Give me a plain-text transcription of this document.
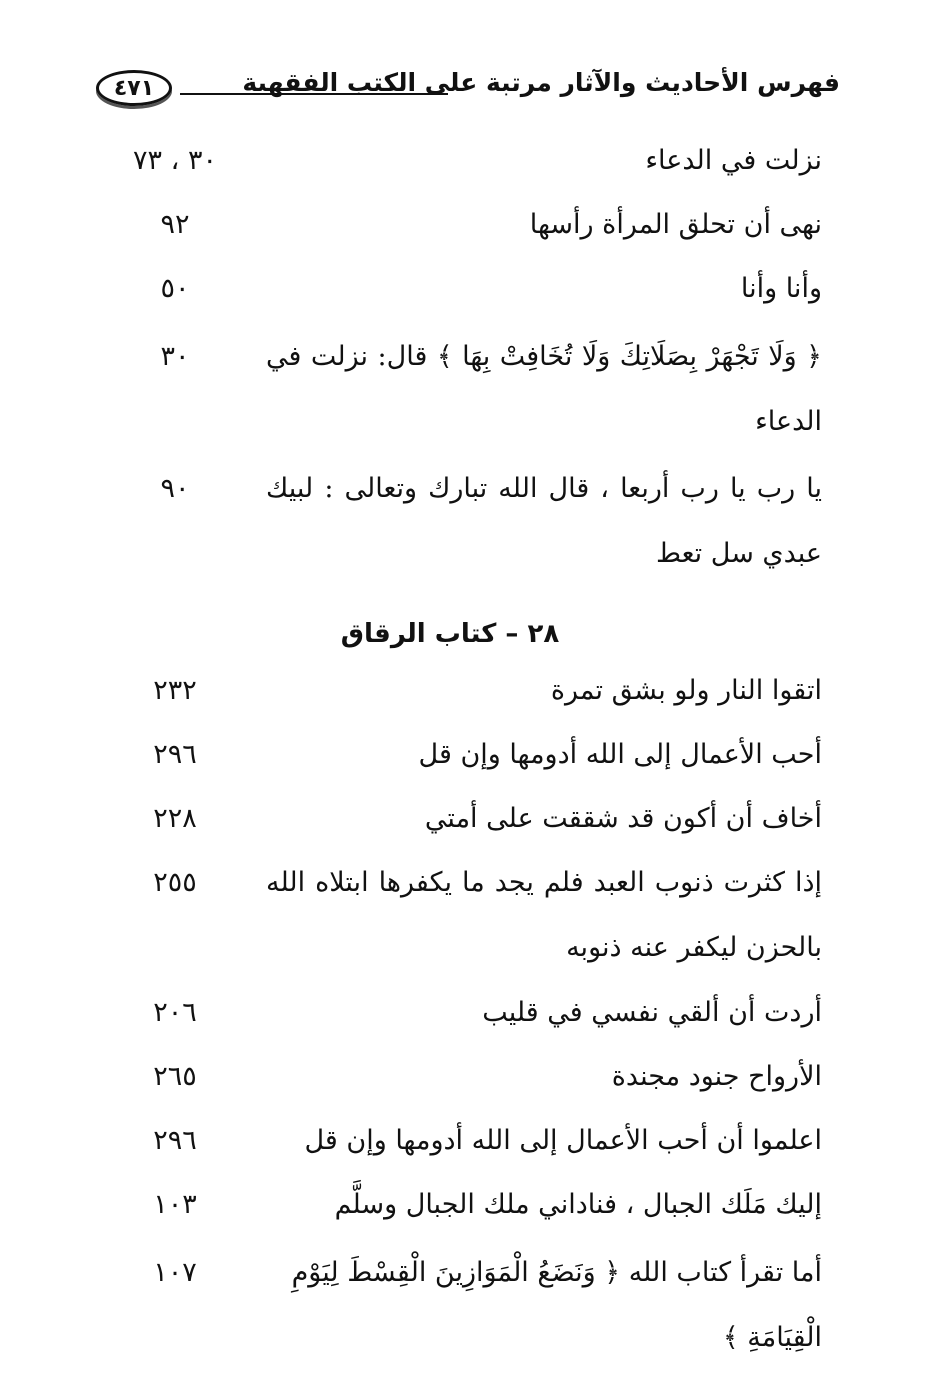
فهرس الأحاديث والآثار مرتبة على الكتب الفقهية
٤٧١
نزلت في الدعاء
٣٠ ، ٧٣
نهى أن تحلق المرأة رأسها
٩٢
وأنا وأنا
٥٠
﴿ وَلَا تَجْهَرْ بِصَلَاتِكَ وَلَا تُخَافِتْ بِهَا ﴾ قال: نزلت في الدعاء
٣٠
يا رب يا رب أربعا ، قال الله تبارك وتعالى : لبيك عبدي سل تعط
٩٠
٢٨ – كتاب الرقاق
اتقوا النار ولو بشق تمرة
٢٣٢
أحب الأعمال إلى الله أدومها وإن قل
٢٩٦
أخاف أن أكون قد شققت على أمتي
٢٢٨
إذا كثرت ذنوب العبد فلم يجد ما يكفرها ابتلاه الله بالحزن ليكفر عنه ذنوبه
٢٥٥
أردت أن ألقي نفسي في قليب
٢٠٦
الأرواح جنود مجندة
٢٦٥
اعلموا أن أحب الأعمال إلى الله أدومها وإن قل
٢٩٦
إليك مَلَك الجبال ، فناداني ملك الجبال وسلَّم
١٠٣
أما تقرأ كتاب الله ﴿ وَنَضَعُ الْمَوَازِينَ الْقِسْطَ لِيَوْمِ الْقِيَامَةِ ﴾
١٠٧
